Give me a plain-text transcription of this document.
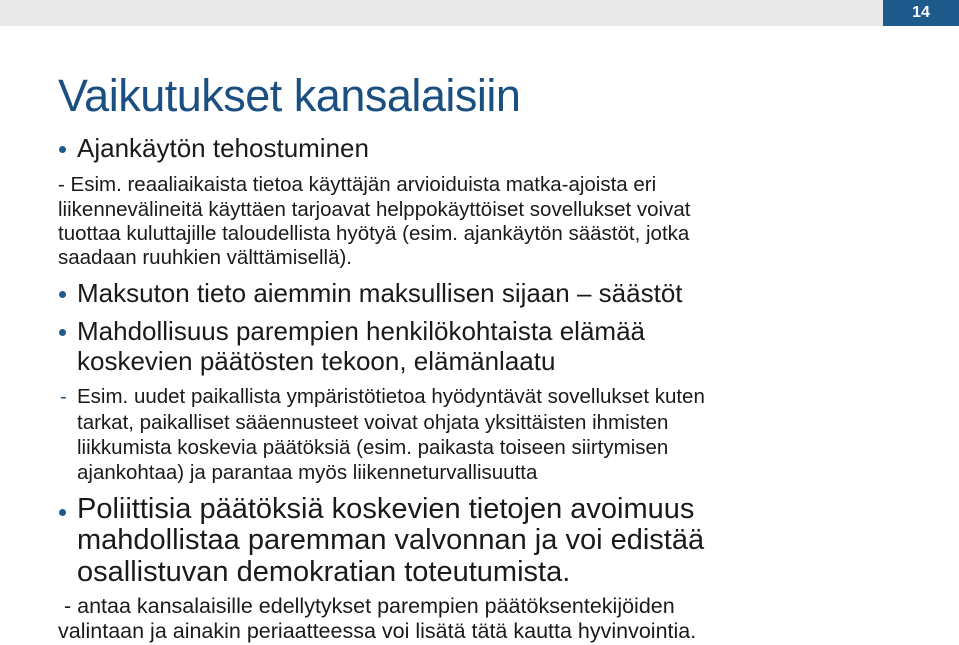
14
Vaikutukset kansalaisiin
Ajankäytön tehostuminen
- Esim. reaaliaikaista tietoa käyttäjän arvioiduista matka-ajoista eri
liikennevälineitä käyttäen tarjoavat helppokäyttöiset sovellukset voivat
tuottaa kuluttajille taloudellista hyötyä (esim. ajankäytön säästöt, jotka
saadaan ruuhkien välttämisellä).
Maksuton tieto aiemmin maksullisen sijaan – säästöt
Mahdollisuus parempien henkilökohtaista elämää
koskevien päätösten tekoon, elämänlaatu
- Esim. uudet paikallista ympäristötietoa hyödyntävät sovellukset kuten
tarkat, paikalliset sääennusteet voivat ohjata yksittäisten ihmisten
liikkumista koskevia päätöksiä (esim. paikasta toiseen siirtymisen
ajankohtaa) ja parantaa myös liikenneturvallisuutta
Poliittisia päätöksiä koskevien tietojen avoimuus
mahdollistaa paremman valvonnan ja voi edistää
osallistuvan demokratian toteutumista.
- antaa kansalaisille edellytykset parempien päätöksentekijöiden
valintaan ja ainakin periaatteessa voi lisätä tätä kautta hyvinvointia.
